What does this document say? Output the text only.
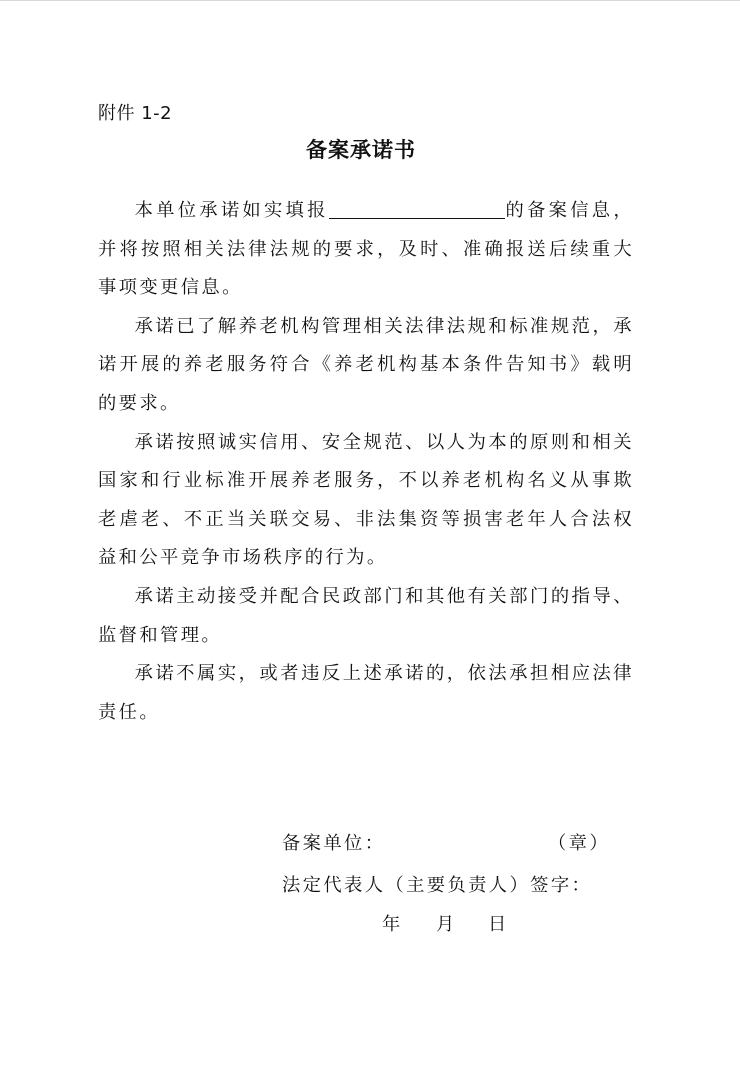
附件 1-2
备案承诺书

本单位承诺如实填报	的备案信息，并将按照相关法律法规的要求，及时、准确报送后续重大事项变更信息。

承诺已了解养老机构管理相关法律法规和标准规范，承诺开展的养老服务符合《养老机构基本条件告知书》载明的要求。

承诺按照诚实信用、安全规范、以人为本的原则和相关国家和行业标准开展养老服务，不以养老机构名义从事欺老虐老、不正当关联交易、非法集资等损害老年人合法权益和公平竞争市场秩序的行为。

承诺主动接受并配合民政部门和其他有关部门的指导、监督和管理。

承诺不属实，或者违反上述承诺的，依法承担相应法律责任。

备案单位：	（章）
法定代表人（主要负责人）签字：
年 月 日
